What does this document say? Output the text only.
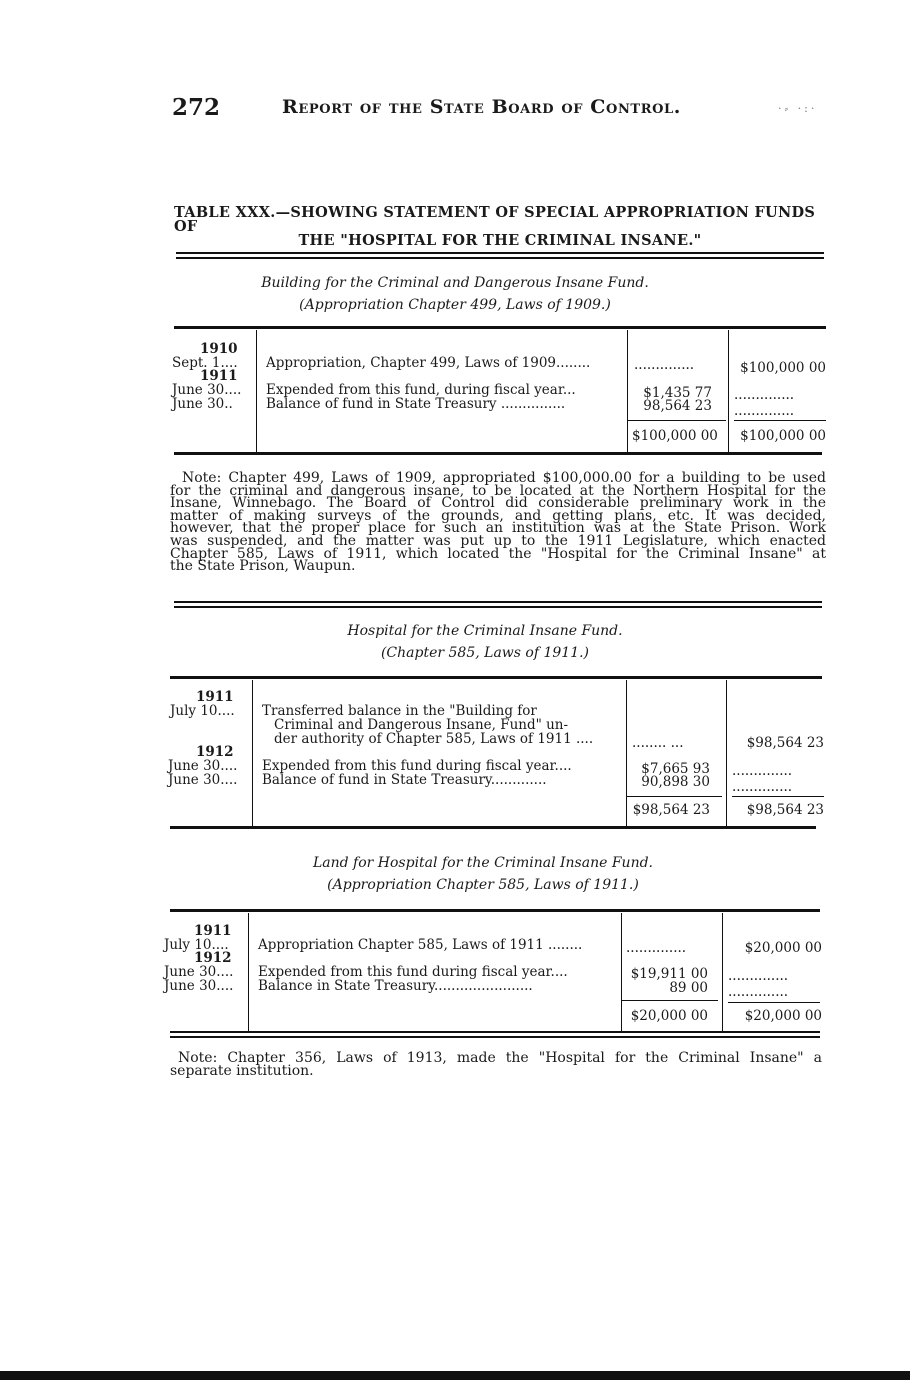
272	Report of the State Board of Control.	·⸗ ·:·
TABLE XXX.—SHOWING STATEMENT OF SPECIAL APPROPRIATION FUNDS OF
THE "HOSPITAL FOR THE CRIMINAL INSANE."
Building for the Criminal and Dangerous Insane Fund.
(Appropriation Chapter 499, Laws of 1909.)
1910
Sept. 1.... Appropriation, Chapter 499, Laws of 1909........	..............	$100,000 00
1911
June 30.... Expended from this fund, during fiscal year...	$1,435 77 ..............
June 30.. Balance of fund in State Treasury ...............	98,564 23 ..............
$100,000 00	$100,000 00
Note: Chapter 499, Laws of 1909, appropriated $100,000.00 for a building to be used
for the criminal and dangerous insane, to be located at the Northern Hospital for the
Insane, Winnebago. The Board of Control did considerable preliminary work in the
matter of making surveys of the grounds, and getting plans, etc. It was decided,
however, that the proper place for such an institution was at the State Prison. Work
was suspended, and the matter was put up to the 1911 Legislature, which enacted
Chapter 585, Laws of 1911, which located the "Hospital for the Criminal Insane" at
the State Prison, Waupun.
Hospital for the Criminal Insane Fund.
(Chapter 585, Laws of 1911.)
1911
July 10.... Transferred balance in the "Building for
Criminal and Dangerous Insane, Fund" un-
der authority of Chapter 585, Laws of 1911 ....	........ ...	$98,564 23
1912
June 30.... Expended from this fund during fiscal year....	$7,665 93 ..............
June 30.... Balance of fund in State Treasury.............	90,898 30 ..............
$98,564 23	$98,564 23
Land for Hospital for the Criminal Insane Fund.
(Appropriation Chapter 585, Laws of 1911.)
1911
July 10.... Appropriation Chapter 585, Laws of 1911 ........	..............	$20,000 00
1912
June 30.... Expended from this fund during fiscal year....	$19,911 00 ..............
June 30.... Balance in State Treasury.......................	89 00 ..............
$20,000 00	$20,000 00
Note: Chapter 356, Laws of 1913, made the "Hospital for the Criminal Insane" a
separate institution.
